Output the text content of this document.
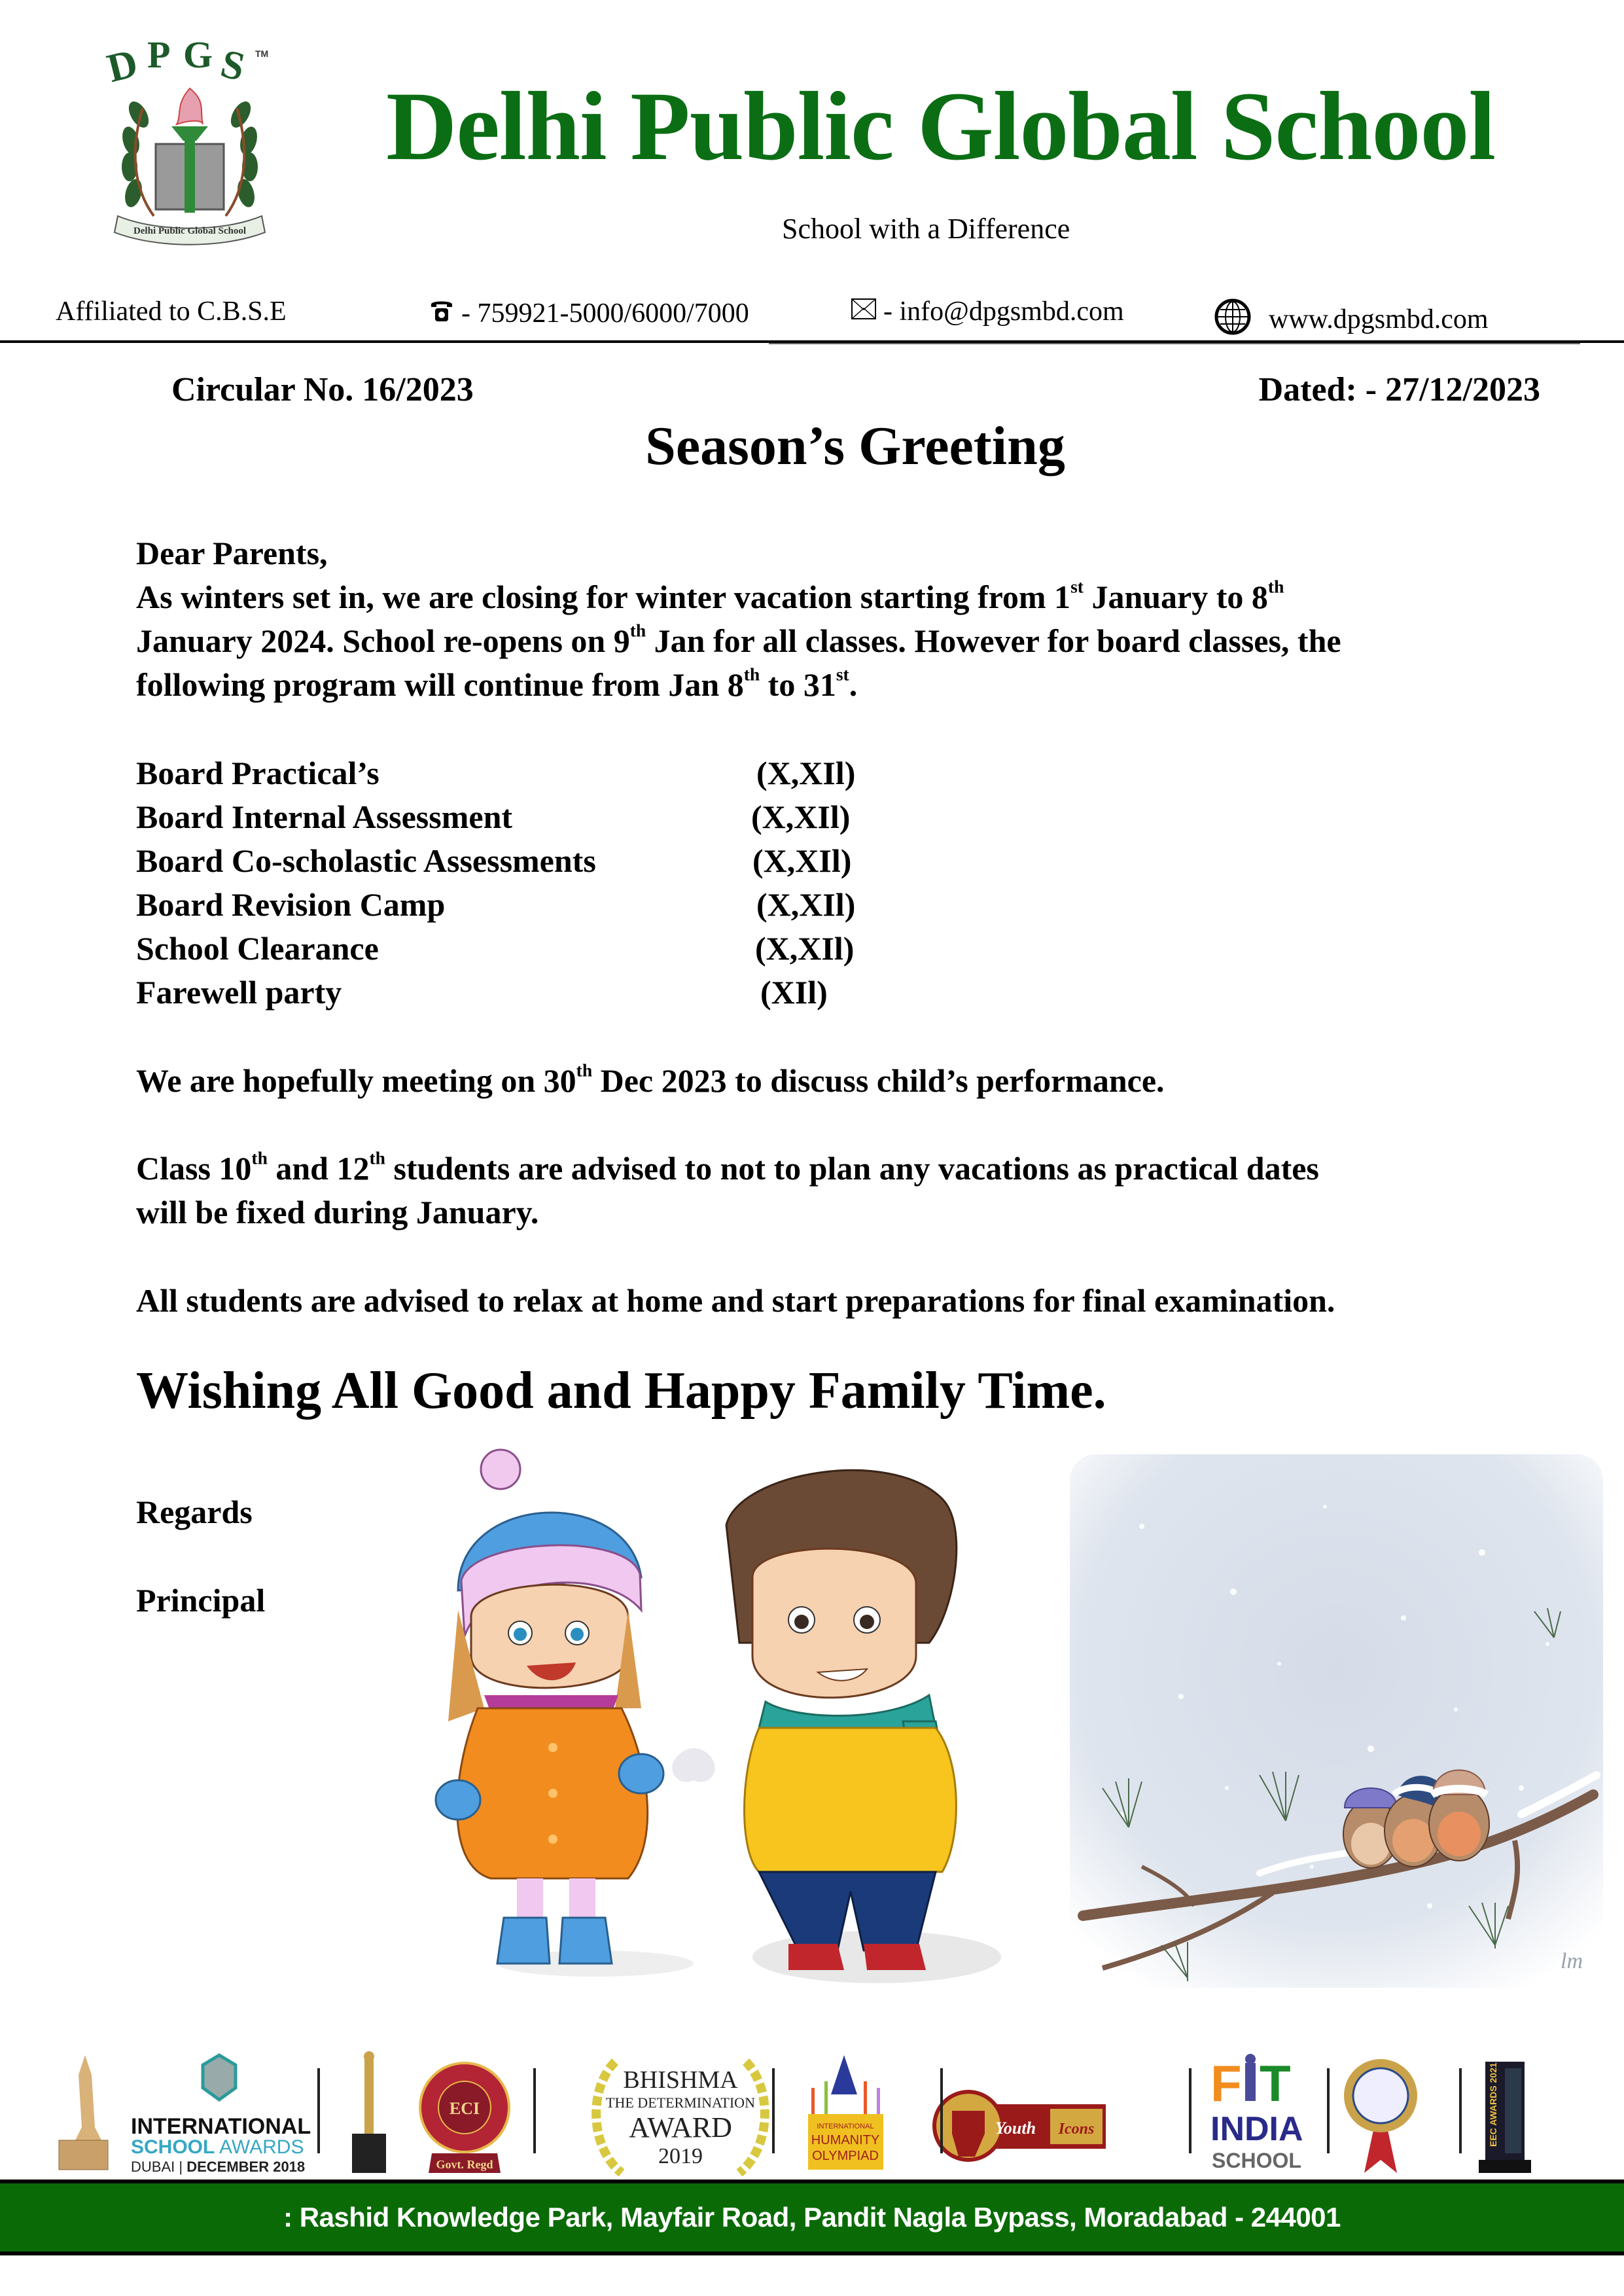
D P G S TM
Delhi Public Global School
Delhi Public Global School
School with a Difference
Affiliated to C.B.S.E	- 759921-5000/6000/7000	- info@dpgsmbd.com	www.dpgsmbd.com
Circular No. 16/2023	Dated: - 27/12/2023
Season’s Greeting

Dear Parents,

As winters set in, we are closing for winter vacation starting from 1st January to 8th
January 2024. School re-opens on 9th Jan for all classes. However for board classes, the
following program will continue from Jan 8th to 31st.

Board Practical’s	(X,XIl)
Board Internal Assessment	(X,XIl)
Board Co-scholastic Assessments	(X,XIl)
Board Revision Camp	(X,XIl)
School Clearance	(X,XIl)
Farewell party	(XIl)
We are hopefully meeting on 30th Dec 2023 to discuss child’s performance.
Class 10th and 12th students are advised to not to plan any vacations as practical dates
will be fixed during January.
All students are advised to relax at home and start preparations for final examination.
Wishing All Good and Happy Family Time.
Regards
Principal
lm
INTERNATIONAL
SCHOOL AWARDS
DUBAI | DECEMBER 2018
ECI
Govt. Regd
BHISHMA
THE DETERMINATION
AWARD
2019
INTERNATIONAL
HUMANITY
OLYMPIAD
Youth Icons
F T
INDIA
SCHOOL
EEC AWARDS 2021
: Rashid Knowledge Park, Mayfair Road, Pandit Nagla Bypass, Moradabad - 244001
